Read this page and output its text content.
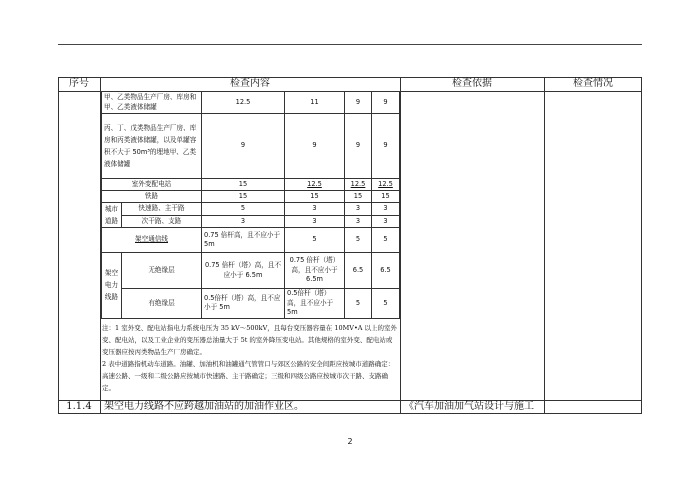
序号	检查内容	检查依据	检查情况
甲、乙类物品生产厂房、库房和甲、乙类液体储罐		12.5	11	9	9
丙、丁、戊类物品生产厂房、库房和丙类液体储罐，以及单罐容积不大于 50m³的埋地甲、乙类液体储罐		9	9	9	9
室外变配电站		15	12.5	12.5	12.5
铁路		15	15	15	15
城市道路	快速路、主干路	5	3	3	3
	次干路、支路	3	3	3	3
架空通信线		0.75 倍杆高，且不应小于 5m	5	5	5
架空电力线路	无绝缘层	0.75 倍杆（塔）高，且不应小于 6.5m	0.75 倍杆（塔）高，且不应小于 6.5m	6.5	6.5
	有绝缘层	0.5倍杆（塔）高，且不应小于 5m	0.5倍杆（塔）高，且不应小于 5m	5	5

注：1 室外变、配电站指电力系统电压为 35 kV～500kV，且每台变压器容量在 10MV•A 以上的室外变、配电站，以及工业企业的变压器总油量大于 5t 的室外降压变电站。其他规格的室外变、配电站或变压器应按丙类物品生产厂房确定。

2 表中道路指机动车道路。油罐、加油机和油罐通气管管口与郊区公路的安全间距应按城市道路确定：高速公路、一级和二级公路应按城市快速路、主干路确定；三级和四级公路应按城市次干路、支路确定。

1.1.4	架空电力线路不应跨越加油站的加油作业区。	《汽车加油加气站设计与施工
2
